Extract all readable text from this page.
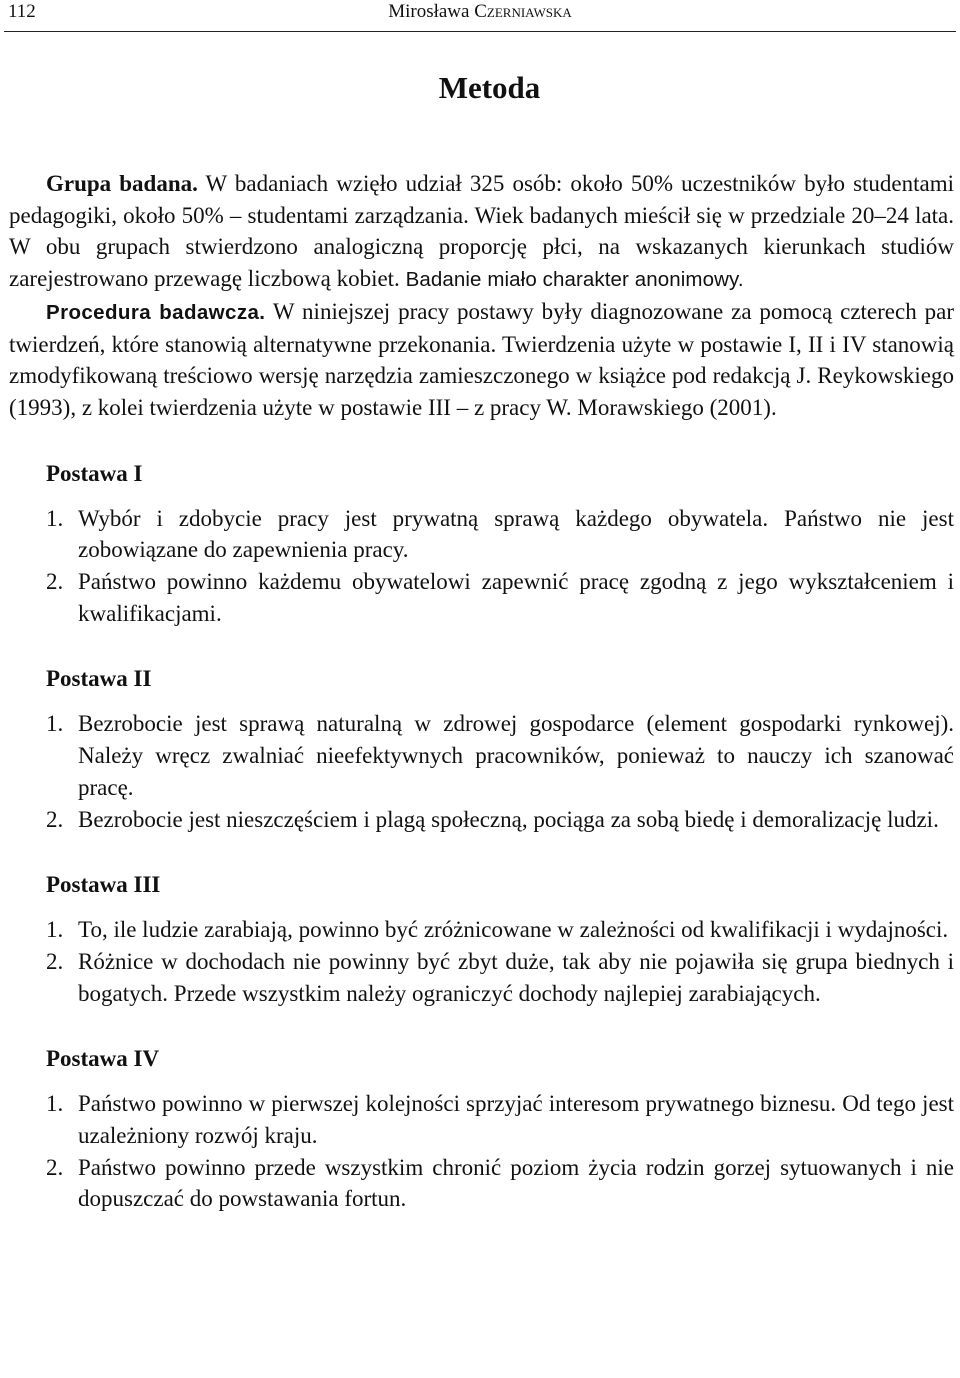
112	Mirosława Czerniawska
Metoda

Grupa badana. W badaniach wzięło udział 325 osób: około 50% uczestników było studentami pedagogiki, około 50% – studentami zarządzania. Wiek badanych mieścił się w przedziale 20–24 lata. W obu grupach stwierdzono analogiczną proporcję płci, na wskazanych kierunkach studiów zarejestrowano przewagę liczbową kobiet. Badanie miało charakter anonimowy.

Procedura badawcza. W niniejszej pracy postawy były diagnozowane za pomocą czterech par twierdzeń, które stanowią alternatywne przekonania. Twierdzenia użyte w postawie I, II i IV stanowią zmodyfikowaną treściowo wersję narzędzia zamieszczonego w książce pod redakcją J. Reykowskiego (1993), z kolei twierdzenia użyte w postawie III – z pracy W. Morawskiego (2001).

Postawa I
1. Wybór i zdobycie pracy jest prywatną sprawą każdego obywatela. Państwo nie jest zobowiązane do zapewnienia pracy.
2. Państwo powinno każdemu obywatelowi zapewnić pracę zgodną z jego wykształceniem i kwalifikacjami.
Postawa II
1. Bezrobocie jest sprawą naturalną w zdrowej gospodarce (element gospodarki rynkowej). Należy wręcz zwalniać nieefektywnych pracowników, ponieważ to nauczy ich szanować pracę.
2. Bezrobocie jest nieszczęściem i plagą społeczną, pociąga za sobą biedę i demoralizację ludzi.
Postawa III
1. To, ile ludzie zarabiają, powinno być zróżnicowane w zależności od kwalifikacji i wydajności.
2. Różnice w dochodach nie powinny być zbyt duże, tak aby nie pojawiła się grupa biednych i bogatych. Przede wszystkim należy ograniczyć dochody najlepiej zarabiających.
Postawa IV
1. Państwo powinno w pierwszej kolejności sprzyjać interesom prywatnego biznesu. Od tego jest uzależniony rozwój kraju.
2. Państwo powinno przede wszystkim chronić poziom życia rodzin gorzej sytuowanych i nie dopuszczać do powstawania fortun.
